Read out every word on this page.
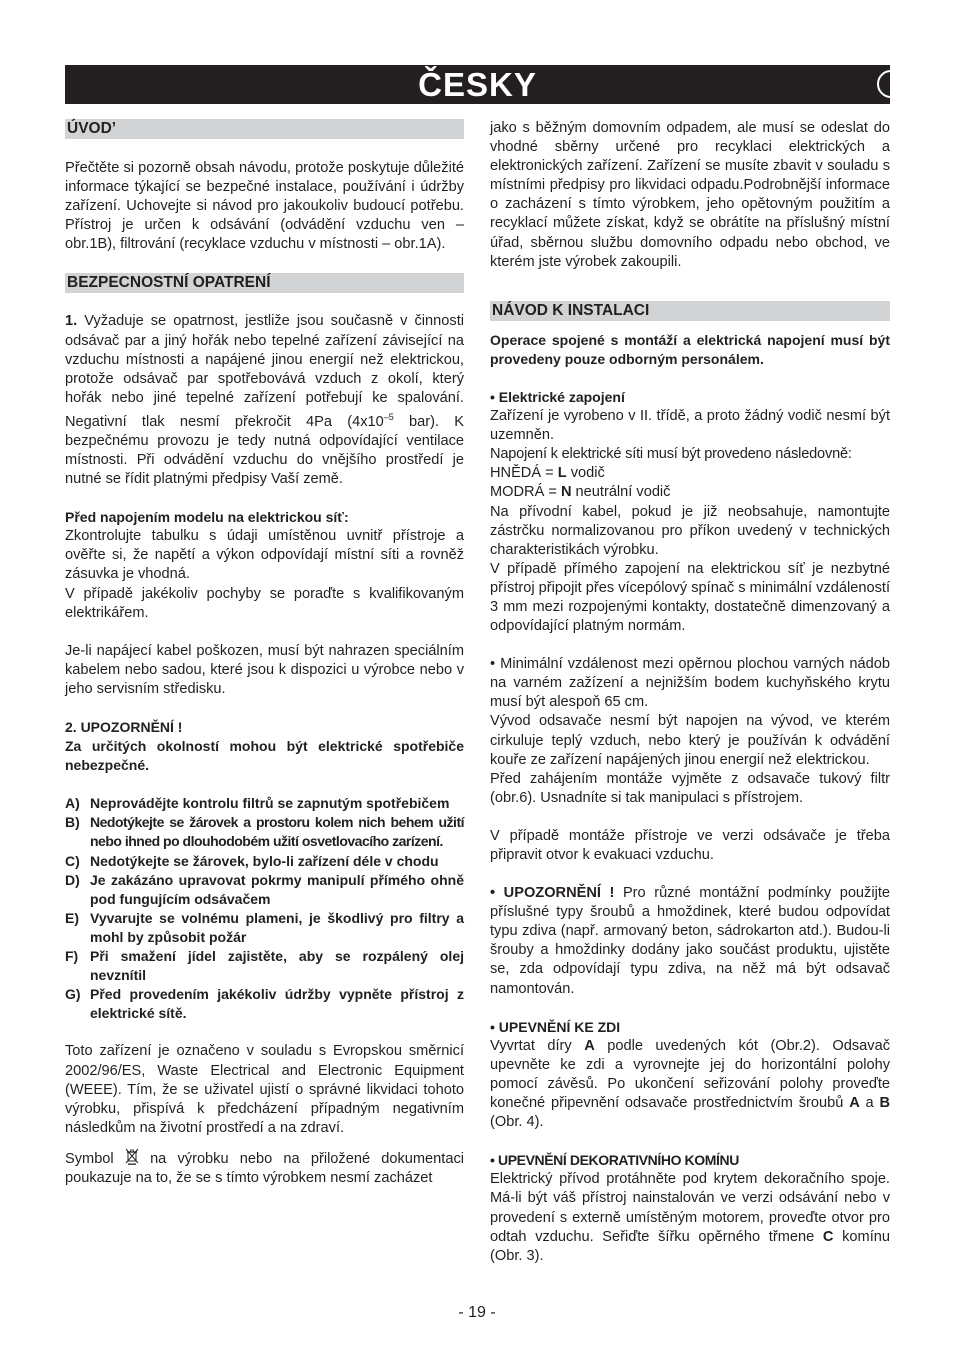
ČESKY	CZ

ÚVOD’

Přečtěte si pozorně obsah návodu, protože poskytuje důležité informace týkající se bezpečné instalace, používání i údržby zařízení. Uchovejte si návod pro jakoukoliv budoucí potřebu. Přístroj je určen k odsávání (odvádění vzduchu ven – obr.1B), filtrování (recyklace vzduchu v místnosti – obr.1A).

BEZPECNOSTNÍ OPATRENÍ

1. Vyžaduje se opatrnost, jestliže jsou současně v činnosti odsávač par a jiný hořák nebo tepelné zařízení závisející na vzduchu místnosti a napájené jinou energií než elektrickou, protože odsávač par spotřebovává vzduch z okolí, který hořák nebo jiné tepelné zařízení potřebují ke spalování. Negativní tlak nesmí překročit 4Pa ($4x10^{-5}$ bar). K bezpečnému provozu je tedy nutná odpovídající ventilace místnosti. Při odvádění vzduchu do vnějšího prostředí je nutné se řídit platnými předpisy Vaší země.

Před napojením modelu na elektrickou síť:

Zkontrolujte tabulku s údaji umístěnou uvnitř přístroje a ověřte si, že napětí a výkon odpovídají místní síti a rovněž zásuvka je vhodná.

V případě jakékoliv pochyby se poraďte s kvalifikovaným elektrikářem.

Je-li napájecí kabel poškozen, musí být nahrazen speciálním kabelem nebo sadou, které jsou k dispozici u výrobce nebo v jeho servisním středisku.

2. UPOZORNĚNÍ !

Za určitých okolností mohou být elektrické spotřebiče nebezpečné.

A) Neprovádějte kontrolu filtrů se zapnutým spotřebičem
B) Nedotýkejte se žárovek a prostoru kolem nich behem užití nebo ihned po dlouhodobém užití osvetlovacího zarízení.
C) Nedotýkejte se žárovek, bylo-li zařízení déle v chodu
D) Je zakázáno upravovat pokrmy manipulí přímého ohně pod fungujícím odsávačem
E) Vyvarujte se volnému plameni, je škodlivý pro filtry a mohl by způsobit požár
F) Při smažení jídel zajistěte, aby se rozpálený olej nevznítil
G) Před provedením jakékoliv údržby vypněte přístroj z elektrické sítě.

Toto zařízení je označeno v souladu s Evropskou směrnicí 2002/96/ES, Waste Electrical and Electronic Equipment (WEEE). Tím, že se uživatel ujistí o správné likvidaci tohoto výrobku, přispívá k předcházení případným negativním následkům na životní prostředí a na zdraví.

Symbol  na výrobku nebo na přiložené dokumentaci poukazuje na to, že se s tímto výrobkem nesmí zacházet

jako s běžným domovním odpadem, ale musí se odeslat do vhodné sběrny určené pro recyklaci elektrických a elektronických zařízení. Zařízení se musíte zbavit v souladu s místními předpisy pro likvidaci odpadu.Podrobnější informace o zacházení s tímto výrobkem, jeho opětovným použitím a recyklací můžete získat, když se obrátíte na příslušný místní úřad, sběrnou službu domovního odpadu nebo obchod, ve kterém jste výrobek zakoupili.

NÁVOD K INSTALACI

Operace spojené s montáží a elektrická napojení musí být provedeny pouze odborným personálem.

• Elektrické zapojení

Zařízení je vyrobeno v II. třídě, a proto žádný vodič nesmí být uzemněn.

Napojení k elektrické síti musí být provedeno následovně:

HNĚDÁ = L vodič

MODRÁ = N neutrální vodič

Na přívodní kabel, pokud je již neobsahuje, namontujte zástrčku normalizovanou pro příkon uvedený v technických charakteristikách výrobku.

V případě přímého zapojení na elektrickou síť je nezbytné přístroj připojit přes vícepólový spínač s minimální vzdáleností 3 mm mezi rozpojenými kontakty, dostatečně dimenzovaný a odpovídající platným normám.

• Minimální vzdálenost mezi opěrnou plochou varných nádob na varném zažízení a nejnižším bodem kuchyňského krytu musí být alespoň 65 cm.

Vývod odsavače nesmí být napojen na vývod, ve kterém cirkuluje teplý vzduch, nebo který je používán k odvádění kouře ze zařízení napájených jinou energií než elektrickou.

Před zahájením montáže vyjměte z odsavače tukový filtr (obr.6). Usnadníte si tak manipulaci s přístrojem.

V případě montáže přístroje ve verzi odsávače je třeba připravit otvor k evakuaci vzduchu.

• UPOZORNĚNÍ ! Pro různé montážní podmínky použijte příslušné typy šroubů a hmoždinek, které budou odpovídat typu zdiva (např. armovaný beton, sádrokarton atd.). Budou-li šrouby a hmoždinky dodány jako součást produktu, ujistěte se, zda odpovídají typu zdiva, na něž má být odsavač namontován.

• UPEVNĚNÍ KE ZDI

Vyvrtat díry A podle uvedených kót (Obr.2). Odsavač upevněte ke zdi a vyrovnejte jej do horizontální polohy pomocí závěsů. Po ukončení seřizování polohy proveďte konečné připevnění odsavače prostřednictvím šroubů A a B (Obr. 4).

• UPEVNĚNÍ DEKORATIVNÍHO KOMÍNU

Elektrický přívod protáhněte pod krytem dekoračního spoje. Má-li být váš přístroj nainstalován ve verzi odsávání nebo v provedení s externě umístěným motorem, proveďte otvor pro odtah vzduchu. Seřiďte šířku opěrného třmene C komínu (Obr. 3).

- 19 -
